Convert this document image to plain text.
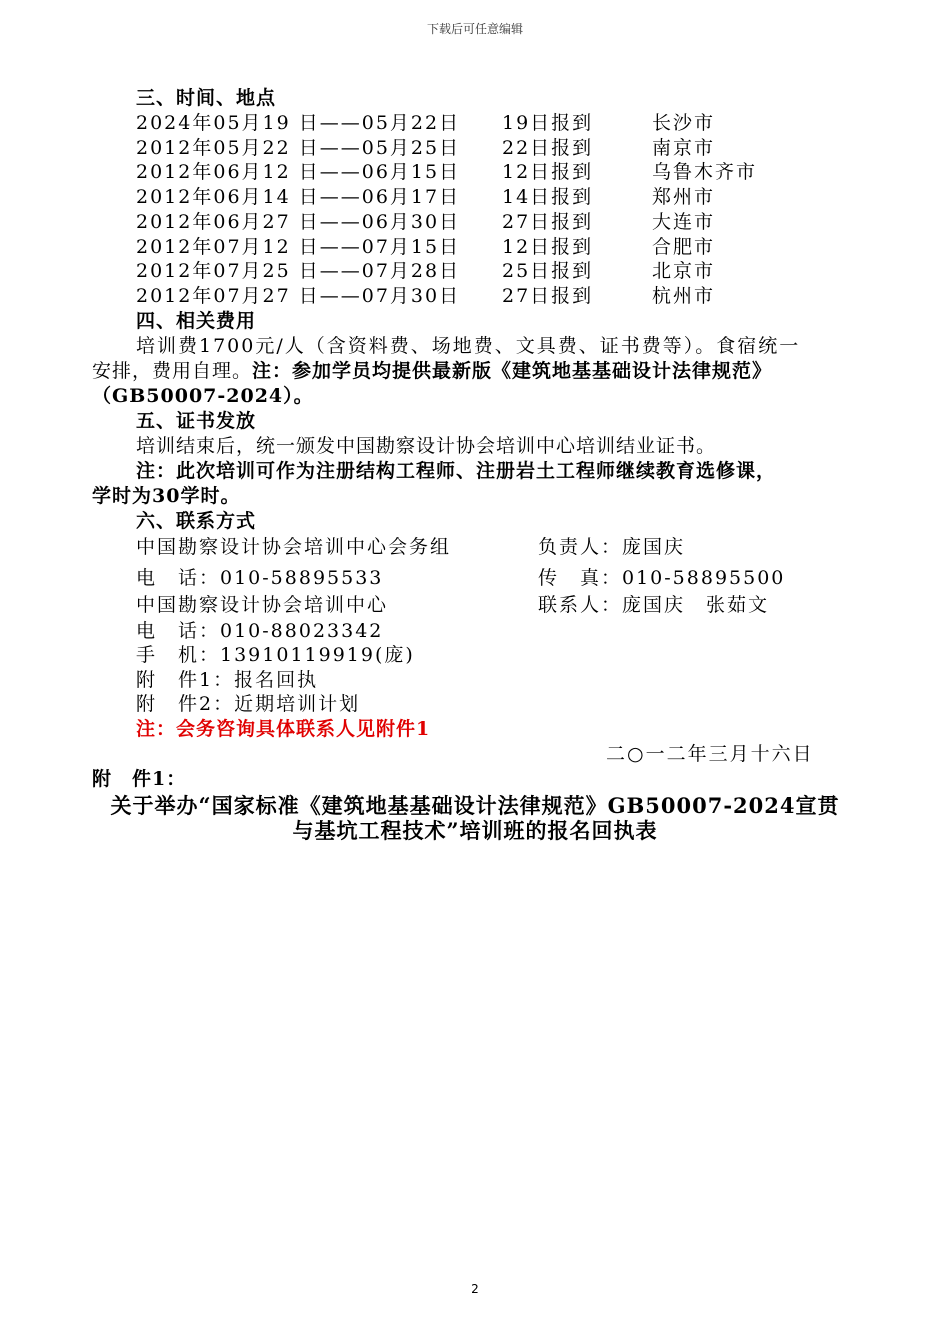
下载后可任意编辑
三、时间、地点
2024年05月19 日——05月22日 19日报到	长沙市
2012年05月22 日——05月25日 22日报到	南京市
2012年06月12 日——06月15日 12日报到	乌鲁木齐市
2012年06月14 日——06月17日 14日报到	郑州市
2012年06月27 日——06月30日 27日报到	大连市
2012年07月12 日——07月15日 12日报到	合肥市
2012年07月25 日——07月28日 25日报到	北京市
2012年07月27 日——07月30日 27日报到	杭州市
四、相关费用
培训费1700元/人（含资料费、场地费、文具费、证书费等）。食宿统一
安排，费用自理。注：参加学员均提供最新版《建筑地基基础设计法律规范》
（GB50007-2024）。
五、证书发放
培训结束后，统一颁发中国勘察设计协会培训中心培训结业证书。
注：此次培训可作为注册结构工程师、注册岩土工程师继续教育选修课，
学时为30学时。
六、联系方式
中国勘察设计协会培训中心会务组	负责人：庞国庆
电　话：010-58895533	传　真：010-58895500
中国勘察设计协会培训中心	联系人：庞国庆　张茹文
电　话：010-88023342
手　机：13910119919(庞)
附　件1：报名回执
附　件2：近期培训计划
注：会务咨询具体联系人见附件1
二○一二年三月十六日
附　件1：
关于举办“国家标准《建筑地基基础设计法律规范》GB50007-2024宣贯
与基坑工程技术”培训班的报名回执表
2
